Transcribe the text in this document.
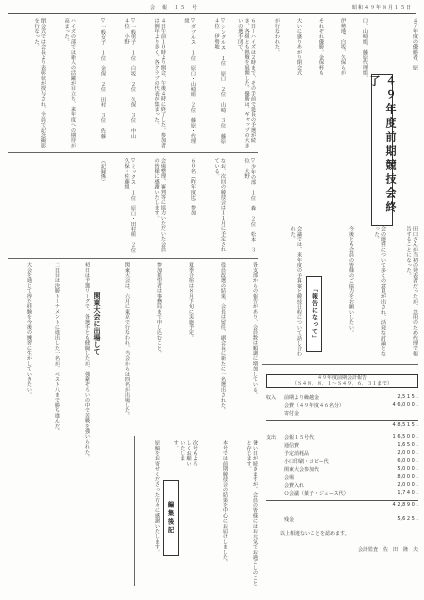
会　報　１５　号	昭和４９年８月１５日
４９年度前期競技会終了
４７年度の優勝者、原
口、山崎組、藤原代理組、
伊勢地、白坂、久保らが
それぞれ優勝。金保杯も
大いに盛りあがり閉会式
が行なわれた。
６日ーハイズは２時まで、その手前で延長の予選が続き、各組とも熱戦を展開した。優勝は、ギャップの大きいの選手団で、
▽シングルス　１位　原口　２位　山崎　３位　藤原　４位　伊勢地
▽ダブルス　１位　原口・山崎組　２位　藤原・代理組
４日午前１０時より開会、午後４時に終了した。参加者は例年より多く、各クラブの代表が集まった。
▽一般男子　１位　白坂　２位　久保　３位　中山　４位　小野
▽一般女子　１位　金保　２位　田村　３位　佐藤
ハイズの部では新人の活躍が目立ち、来年度への期待が高まった。
閉会式では会長より表彰状が授与され、全員で記念撮影を行なった。
▽少年の部　１位　森　２位　松本　３位　大野
なお、次回の競技会は１１月に予定されている。
６０名（昨年度比）参加
会場整理、審判等に協力いただいた会員の皆様に感謝いたします。
▽ミックス　１位　原口・田村組　２位　久保・佐藤組
（記録係）
「報告になって」	田口さんが当初の発表者だったが、急用のため代理で報告することになった。
会の運営について多くの意見が出され、活発な討論となった。
今後とも会員の皆様のご協力をお願いしたい。
会議では、来年度の予算案と競技日程について話し合われた。
各支部からの報告があり、会員数は順調に増加している。
役員改選の結果、会長は留任、副会長に新たに一名選出された。
夏季合宿は８月下旬に実施予定。
参加希望者は事務局まで申し込むこと。
関東大会に出場して	関東大会は、六月に東京で行なわれ、当会からは四名が出場した。
初日は予選リーグで、各選手とも健闘したが、強豪ぞろいの中で苦戦を強いられた。
二日目は決勝トーナメントに進出した一名が、ベスト八まで勝ち進んだ。
大会を通じて得た経験を今後の練習に生かしていきたい。
編集後記	暑い日が続きますが、会員の皆様にはお元気でお過ごしのことと存じます。
本号では前期競技会の結果を中心にお届けしました。
原稿をお寄せくださった方々に感謝いたします。	次号もよろしくお願いいたします。
４９年度前期会計報告
（Ｓ４８．８．１〜Ｓ４９．６．３１まで）
収入	前期より繰越金	2,5 1 5 .
会費（４９年度４６名分）	4 6,0 0 0 .
寄付金
4 8,5 1 5 .
支出	会報１５号代	1 6,5 0 0 .
通信費	1,6 5 0 .
予定消耗品	2,0 0 0 .
小口印刷・コピー代	6,0 0 0 .
関東大会参加代	5,0 0 0 .
会場	8,0 0 0 .
会費入れ	2,0 0 0 .
Ｏ会議（菓子・ジュース代）	1,7 4 0 .
4 2,8 9 0 .
残金	5,6 2 5 .
以上相違ないことを認めます。
会計監査　佐　田　隆　夫
